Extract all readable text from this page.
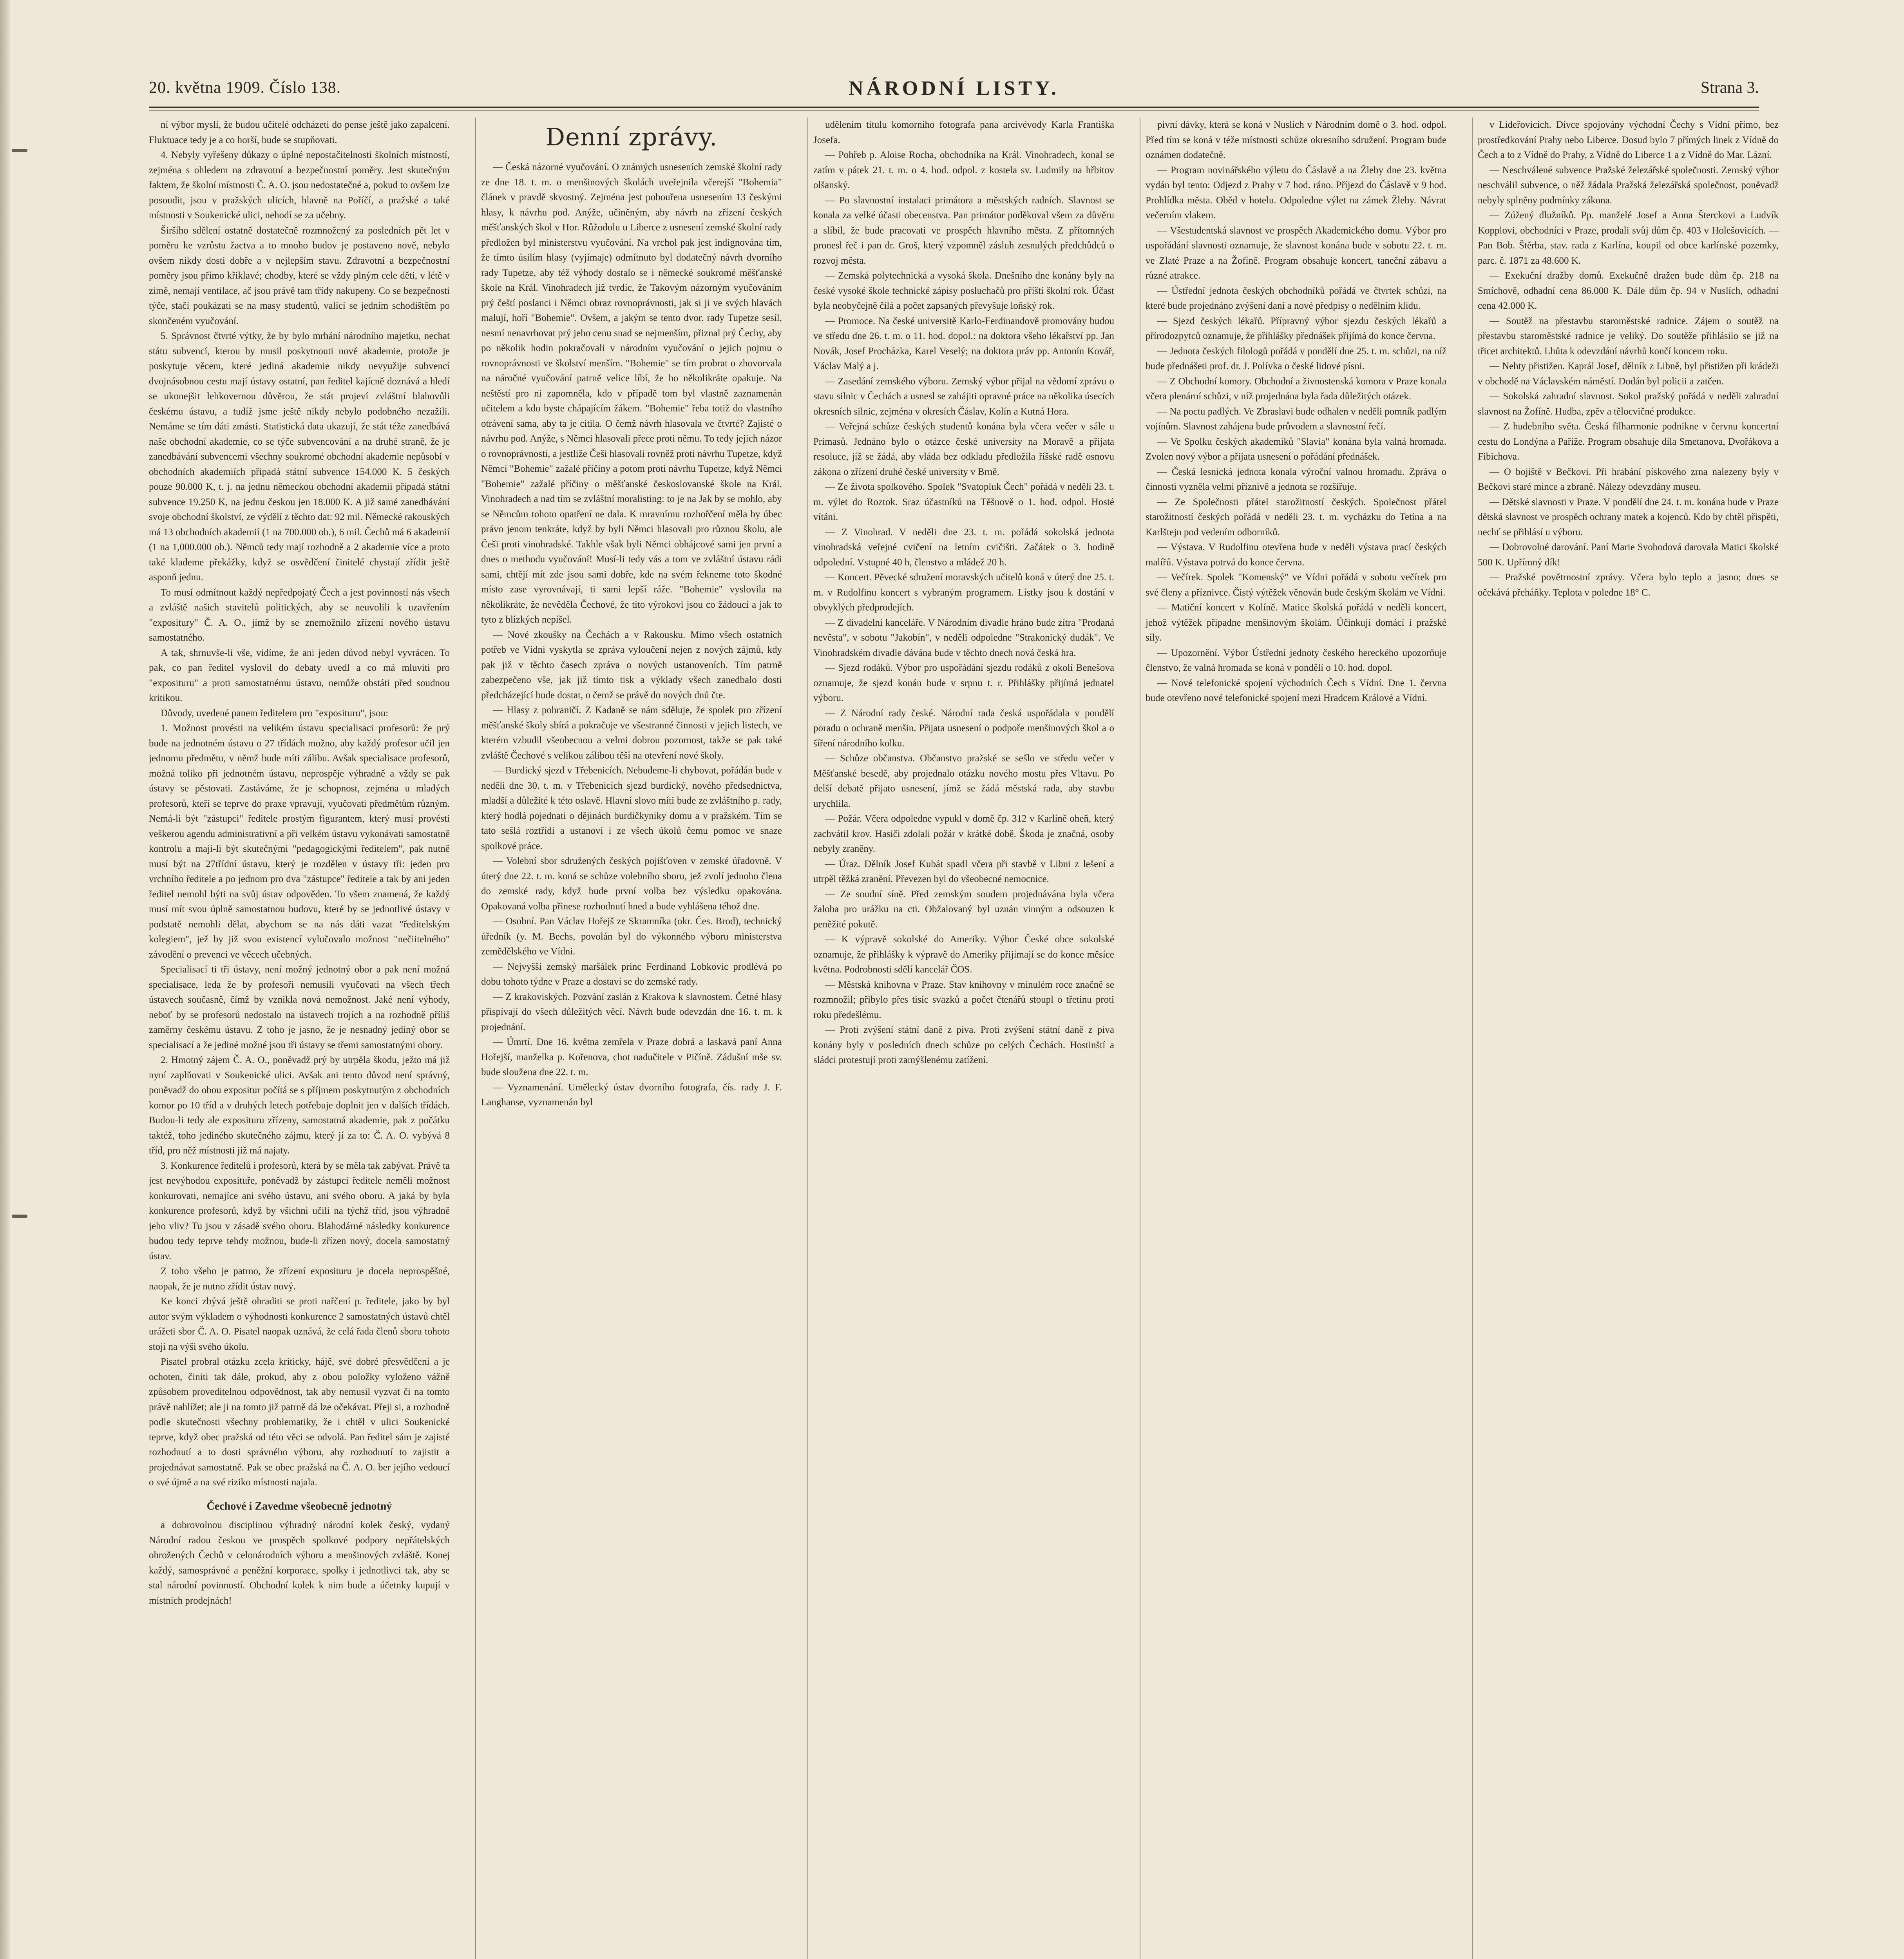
20. května 1909. Číslo 138.	NÁRODNÍ LISTY.	Strana 3.

ní výbor myslí, že budou učitelé odcházeti do pense ještě jako zapalcení. Fluktuace tedy je a co horší, bude se stupňovati.

4. Nebyly vyřešeny důkazy o úplné nepostačitelnosti školních místností, zejména s ohledem na zdravotní a bezpečnostní poměry. Jest skutečným faktem, že školní místnosti Č. A. O. jsou nedostatečné a, pokud to ovšem lze posoudit, jsou v pražských ulicích, hlavně na Poříčí, a pražské a také místnosti v Soukenické ulici, nehodí se za učebny.

Širšího sdělení ostatně dostatečně rozmnožený za posledních pět let v poměru ke vzrůstu žactva a to mnoho budov je postaveno nově, nebylo ovšem nikdy dosti dobře a v nejlepším stavu. Zdravotní a bezpečnostní poměry jsou přímo křiklavé; chodby, které se vždy plným cele děti, v létě v zimě, nemají ventilace, ač jsou právě tam třídy nakupeny. Co se bezpečnosti týče, stačí poukázati se na masy studentů, valící se jedním schodištěm po skončeném vyučování.

5. Správnost čtvrté výtky, že by bylo mrhání národního majetku, nechat státu subvencí, kterou by musil poskytnouti nové akademie, protože je poskytuje věcem, které jediná akademie nikdy nevyužije subvencí dvojnásobnou cestu mají ústavy ostatní, pan ředitel kajícně doznává a hledí se ukonejšit lehkovernou důvěrou, že stát projeví zvláštní blahovůli českému ústavu, a tudíž jsme ještě nikdy nebylo podobného nezažili. Nemáme se tím dáti zmásti. Statistická data ukazují, že stát téže zanedbává naše obchodní akademie, co se týče subvencování a na druhé straně, že je zanedbávání subvencemi všechny soukromé obchodní akademie nepůsobí v obchodních akademiích připadá státní subvence 154.000 K. 5 českých pouze 90.000 K, t. j. na jednu německou obchodní akademii připadá státní subvence 19.250 K, na jednu českou jen 18.000 K. A již samé zanedbávání svoje obchodní školství, ze výdělí z těchto dat: 92 mil. Německé rakouských má 13 obchodních akademií (1 na 700.000 ob.), 6 mil. Čechů má 6 akademií (1 na 1,000.000 ob.). Němců tedy mají rozhodně a 2 akademie více a proto také klademe překážky, když se osvědčení činitelé chystají zřídit ještě asponň jednu.

To musí odmítnout každý nepředpojatý Čech a jest povinností nás všech a zvláště našich stavitelů politických, aby se neuvolili k uzavřením "expositury" Č. A. O., jímž by se znemožnilo zřízení nového ústavu samostatného.

A tak, shrnuvše-li vše, vidíme, že ani jeden důvod nebyl vyvrácen. To pak, co pan ředitel vyslovil do debaty uvedl a co má mluviti pro "exposituru" a proti samostatnému ústavu, nemůže obstáti před soudnou kritikou.

Důvody, uvedené panem ředitelem pro "exposituru", jsou:

1. Možnost provésti na velikém ústavu specialisaci profesorů: že prý bude na jednotném ústavu o 27 třídách možno, aby každý profesor učil jen jednomu předmětu, v němž bude míti zálibu. Avšak specialisace profesorů, možná toliko při jednotném ústavu, neprospěje výhradně a vždy se pak ústavy se pěstovati. Zastáváme, že je schopnost, zejména u mladých profesorů, kteří se teprve do praxe vpravují, vyučovati předmětům různým. Nemá-li být "zástupci" ředitele prostým figurantem, který musí provésti veškerou agendu administrativní a při velkém ústavu vykonávati samostatně kontrolu a mají-li být skutečnými "pedagogickými ředitelem", pak nutně musí být na 27třídní ústavu, který je rozdělen v ústavy tři: jeden pro vrchního ředitele a po jednom pro dva "zástupce" ředitele a tak by ani jeden ředitel nemohl býti na svůj ústav odpověden. To všem znamená, že každý musí mít svou úplně samostatnou budovu, které by se jednotlivé ústavy v podstatě nemohli dělat, abychom se na nás dáti vazat "ředitelským kolegiem", jež by již svou existencí vylučovalo možnost "nečiitelného" závodění o prevenci ve věcech učebných.

Specialisací ti tři ústavy, není možný jednotný obor a pak není možná specialisace, leda že by profesoři nemusili vyučovati na všech třech ústavech současně, čímž by vznikla nová nemožnost. Jaké není výhody, neboť by se profesorů nedostalo na ústavech trojích a na rozhodně příliš zaměrny českému ústavu. Z toho je jasno, že je nesnadný jediný obor se specialisací a že jediné možné jsou tři ústavy se třemi samostatnými obory.

2. Hmotný zájem Č. A. O., poněvadž prý by utrpěla škodu, ježto má již nyní zaplňovati v Soukenické ulici. Avšak ani tento důvod není správný, poněvadž do obou expositur počítá se s příjmem poskytnutým z obchodních komor po 10 tříd a v druhých letech potřebuje doplnit jen v dalších třídách. Budou-li tedy ale exposituru zřízeny, samostatná akademie, pak z počátku taktéž, toho jediného skutečného zájmu, který jí za to: Č. A. O. vybývá 8 tříd, pro něž místnosti již má najaty.

3. Konkurence ředitelů i profesorů, která by se měla tak zabývat. Právě ta jest nevýhodou exposituře, poněvadž by zástupci ředitele neměli možnost konkurovati, nemajíce ani svého ústavu, ani svého oboru. A jaká by byla konkurence profesorů, když by všichni učili na týchž tříd, jsou výhradně jeho vliv? Tu jsou v zásadě svého oboru. Blahodárné následky konkurence budou tedy teprve tehdy možnou, bude-li zřízen nový, docela samostatný ústav.

Z toho všeho je patrno, že zřízení exposituru je docela neprospěšné, naopak, že je nutno zřídit ústav nový.

Ke konci zbývá ještě ohraditi se proti nařčení p. ředitele, jako by byl autor svým výkladem o výhodnosti konkurence 2 samostatných ústavů chtěl urážeti sbor Č. A. O. Pisatel naopak uznává, že celá řada členů sboru tohoto stojí na výši svého úkolu.

Pisatel probral otázku zcela kriticky, hájě, své dobré přesvědčení a je ochoten, činiti tak dále, prokud, aby z obou položky vyloženo vážně způsobem proveditelnou odpovědnost, tak aby nemusil vyzvat či na tomto právě nahlížet; ale ji na tomto již patrně dá lze očekávat. Přeji si, a rozhodně podle skutečnosti všechny problematiky, že i chtěl v ulici Soukenické teprve, když obec pražská od této věci se odvolá. Pan ředitel sám je zajisté rozhodnutí a to dosti správného výboru, aby rozhodnutí to zajistit a projednávat samostatně. Pak se obec pražská na Č. A. O. ber jejího vedoucí o své újmě a na své riziko místnosti najala.

Čechové i Zavedme všeobecně jednotný

a dobrovolnou disciplinou výhradný národní kolek český, vydaný Národní radou českou ve prospěch spolkové podpory nepřátelských ohrožených Čechů v celonárodních výboru a menšinových zvláště. Konej každý, samosprávné a peněžní korporace, spolky i jednotlivci tak, aby se stal národní povinností. Obchodní kolek k nim bude a účetnky kupují v místních prodejnách!

Denní zprávy.

— Česká názorné vyučování. O známých usneseních zemské školní rady ze dne 18. t. m. o menšinových školách uveřejnila včerejší "Bohemia" článek v pravdě skvostný. Zejména jest pobouřena usnesením 13 českými hlasy, k návrhu pod. Anýže, učiněným, aby návrh na zřízení českých měšťanských škol v Hor. Růžodolu u Liberce z usnesení zemské školní rady předložen byl ministerstvu vyučování. Na vrchol pak jest indignována tím, že tímto úsilím hlasy (vyjímaje) odmítnuto byl dodatečný návrh dvorního rady Tupetze, aby též výhody dostalo se i německé soukromé měšťanské škole na Král. Vinohradech již tvrdíc, že Takovým názorným vyučováním prý čeští poslanci i Němci obraz rovnoprávnosti, jak si ji ve svých hlavách malují, hoří "Bohemie". Ovšem, a jakým se tento dvor. rady Tupetze sesíl, nesmí nenavrhovat prý jeho cenu snad se nejmenším, přiznal prý Čechy, aby po několik hodin pokračovali v národním vyučování o jejich pojmu o rovnoprávnosti ve školství menším. "Bohemie" se tím probrat o zhovorvala na náročné vyučování patrně velice líbí, že ho několikráte opakuje. Na neštěstí pro ni zapomněla, kdo v případě tom byl vlastně zaznamenán učitelem a kdo byste chápajícím žákem. "Bohemie" řeba totiž do vlastního otrávení sama, aby ta je citila. O čemž návrh hlasovala ve čtvrté? Zajisté o návrhu pod. Anýže, s Němci hlasovali přece proti němu. To tedy jejich názor o rovnoprávnosti, a jestliže Češi hlasovali rovněž proti návrhu Tupetze, když Němci "Bohemie" zažalé příčiny a potom proti návrhu Tupetze, když Němci "Bohemie" zažalé příčiny o měšťanské českoslovanské škole na Král. Vinohradech a nad tím se zvláštní moralisting: to je na Jak by se mohlo, aby se Němcům tohoto opatření ne dala. K mravnímu rozhořčení měla by úbec právo jenom tenkráte, když by byli Němci hlasovali pro různou školu, ale Češi proti vinohradské. Takhle však byli Němci obhájcové sami jen první a dnes o methodu vyučování! Musí-li tedy vás a tom ve zvláštní ústavu rádi sami, chtějí mít zde jsou sami dobře, kde na svém řekneme toto škodné místo zase vyrovnávají, ti sami lepší ráže. "Bohemie" vyslovila na několikráte, že nevěděla Čechové, že tito výrokovi jsou co žádoucí a jak to tyto z blízkých nepíšel.

— Nové zkoušky na Čechách a v Rakousku. Mimo všech ostatních potřeb ve Vídni vyskytla se zpráva vyloučení nejen z nových zájmů, kdy pak již v těchto časech zpráva o nových ustanoveních. Tím patrně zabezpečeno vše, jak již tímto tisk a výklady všech zanedbalo dosti předcházející bude dostat, o čemž se právě do nových dnů čte.

— Hlasy z pohraničí. Z Kadaně se nám sděluje, že spolek pro zřízení měšťanské školy sbírá a pokračuje ve všestranné činnosti v jejich listech, ve kterém vzbudil všeobecnou a velmi dobrou pozornost, takže se pak také zvláště Čechové s velikou zálibou těší na otevření nové školy.

— Burdický sjezd v Třebenicích. Nebudeme-li chybovat, pořádán bude v neděli dne 30. t. m. v Třebenicích sjezd burdický, nového předsednictva, mladší a důležité k této oslavě. Hlavní slovo míti bude ze zvláštního p. rady, který hodlá pojednati o dějinách burdičkyniky domu a v pražském. Tím se tato sešlá roztřídí a ustanoví i ze všech úkolů čemu pomoc ve snaze spolkové práce.

— Volební sbor sdružených českých pojišťoven v zemské úřadovně. V úterý dne 22. t. m. koná se schůze volebního sboru, jež zvolí jednoho člena do zemské rady, když bude první volba bez výsledku opakována. Opakovaná volba přinese rozhodnutí hned a bude vyhlášena téhož dne.

— Osobní. Pan Václav Hořejš ze Skramníka (okr. Čes. Brod), technický úředník (y. M. Bechs, povolán byl do výkonného výboru ministerstva zemědělského ve Vídni.

— Nejvyšší zemský maršálek princ Ferdinand Lobkovic prodlévá po dobu tohoto týdne v Praze a dostaví se do zemské rady.

— Z krakoviských. Pozvání zaslán z Krakova k slavnostem. Četné hlasy přispívají do všech důležitých věcí. Návrh bude odevzdán dne 16. t. m. k projednání.

— Úmrtí. Dne 16. května zemřela v Praze dobrá a laskavá paní Anna Hořejší, manželka p. Kořenova, chot nadučitele v Pičíně. Zádušní mše sv. bude sloužena dne 22. t. m.

— Vyznamenání. Umělecký ústav dvorního fotografa, čís. rady J. F. Langhanse, vyznamenán byl

udělením titulu komorního fotografa pana arcivévody Karla Františka Josefa.

— Pohřeb p. Aloise Rocha, obchodníka na Král. Vinohradech, konal se zatím v pátek 21. t. m. o 4. hod. odpol. z kostela sv. Ludmily na hřbitov olšanský.

— Po slavnostní instalaci primátora a městských radních. Slavnost se konala za velké účasti obecenstva. Pan primátor poděkoval všem za důvěru a slíbil, že bude pracovati ve prospěch hlavního města. Z přítomných pronesl řeč i pan dr. Groš, který vzpomněl zásluh zesnulých předchůdců o rozvoj města.

— Zemská polytechnická a vysoká škola. Dnešního dne konány byly na české vysoké škole technické zápisy posluchačů pro příští školní rok. Účast byla neobyčejně čilá a počet zapsaných převyšuje loňský rok.

— Promoce. Na české universitě Karlo-Ferdinandově promovány budou ve středu dne 26. t. m. o 11. hod. dopol.: na doktora všeho lékařství pp. Jan Novák, Josef Procházka, Karel Veselý; na doktora práv pp. Antonín Kovář, Václav Malý a j.

— Zasedání zemského výboru. Zemský výbor přijal na vědomí zprávu o stavu silnic v Čechách a usnesl se zahájiti opravné práce na několika úsecích okresních silnic, zejména v okresích Čáslav, Kolín a Kutná Hora.

— Veřejná schůze českých studentů konána byla včera večer v sále u Primasů. Jednáno bylo o otázce české university na Moravě a přijata resoluce, jíž se žádá, aby vláda bez odkladu předložila říšské radě osnovu zákona o zřízení druhé české university v Brně.

— Ze života spolkového. Spolek "Svatopluk Čech" pořádá v neděli 23. t. m. výlet do Roztok. Sraz účastníků na Těšnově o 1. hod. odpol. Hosté vítáni.

— Z Vinohrad. V neděli dne 23. t. m. pořádá sokolská jednota vinohradská veřejné cvičení na letním cvičišti. Začátek o 3. hodině odpolední. Vstupné 40 h, členstvo a mládež 20 h.

— Koncert. Pěvecké sdružení moravských učitelů koná v úterý dne 25. t. m. v Rudolfinu koncert s vybraným programem. Lístky jsou k dostání v obvyklých předprodejích.

— Z divadelní kanceláře. V Národním divadle hráno bude zítra "Prodaná nevěsta", v sobotu "Jakobín", v neděli odpoledne "Strakonický dudák". Ve Vinohradském divadle dávána bude v těchto dnech nová česká hra.

— Sjezd rodáků. Výbor pro uspořádání sjezdu rodáků z okolí Benešova oznamuje, že sjezd konán bude v srpnu t. r. Přihlášky přijímá jednatel výboru.

— Z Národní rady české. Národní rada česká uspořádala v pondělí poradu o ochraně menšin. Přijata usnesení o podpoře menšinových škol a o šíření národního kolku.

— Schůze občanstva. Občanstvo pražské se sešlo ve středu večer v Měšťanské besedě, aby projednalo otázku nového mostu přes Vltavu. Po delší debatě přijato usnesení, jímž se žádá městská rada, aby stavbu urychlila.

— Požár. Včera odpoledne vypukl v domě čp. 312 v Karlíně oheň, který zachvátil krov. Hasiči zdolali požár v krátké době. Škoda je značná, osoby nebyly zraněny.

— Úraz. Dělník Josef Kubát spadl včera při stavbě v Libni z lešení a utrpěl těžká zranění. Převezen byl do všeobecné nemocnice.

— Ze soudní síně. Před zemským soudem projednávána byla včera žaloba pro urážku na cti. Obžalovaný byl uznán vinným a odsouzen k peněžité pokutě.

— K výpravě sokolské do Ameriky. Výbor České obce sokolské oznamuje, že přihlášky k výpravě do Ameriky přijímají se do konce měsíce května. Podrobnosti sdělí kancelář ČOS.

— Městská knihovna v Praze. Stav knihovny v minulém roce značně se rozmnožil; přibylo přes tisíc svazků a počet čtenářů stoupl o třetinu proti roku předešlému.

— Proti zvýšení státní daně z piva. Proti zvýšení státní daně z piva konány byly v posledních dnech schůze po celých Čechách. Hostinští a sládci protestují proti zamýšlenému zatížení.

pivní dávky, která se koná v Nuslích v Národním domě o 3. hod. odpol. Před tím se koná v téže místnosti schůze okresního sdružení. Program bude oznámen dodatečně.

— Program novinářského výletu do Čáslavě a na Žleby dne 23. května vydán byl tento: Odjezd z Prahy v 7 hod. ráno. Příjezd do Čáslavě v 9 hod. Prohlídka města. Oběd v hotelu. Odpoledne výlet na zámek Žleby. Návrat večerním vlakem.

— Všestudentská slavnost ve prospěch Akademického domu. Výbor pro uspořádání slavnosti oznamuje, že slavnost konána bude v sobotu 22. t. m. ve Zlaté Praze a na Žofíně. Program obsahuje koncert, taneční zábavu a různé atrakce.

— Ústřední jednota českých obchodníků pořádá ve čtvrtek schůzi, na které bude projednáno zvýšení daní a nové předpisy o nedělním klidu.

— Sjezd českých lékařů. Přípravný výbor sjezdu českých lékařů a přírodozpytců oznamuje, že přihlášky přednášek přijímá do konce června.

— Jednota českých filologů pořádá v pondělí dne 25. t. m. schůzi, na níž bude přednášeti prof. dr. J. Polívka o české lidové písni.

— Z Obchodní komory. Obchodní a živnostenská komora v Praze konala včera plenární schůzi, v níž projednána byla řada důležitých otázek.

— Na poctu padlých. Ve Zbraslavi bude odhalen v neděli pomník padlým vojínům. Slavnost zahájena bude průvodem a slavnostní řečí.

— Ve Spolku českých akademiků "Slavia" konána byla valná hromada. Zvolen nový výbor a přijata usnesení o pořádání přednášek.

— Česká lesnická jednota konala výroční valnou hromadu. Zpráva o činnosti vyzněla velmi příznivě a jednota se rozšiřuje.

— Ze Společnosti přátel starožitností českých. Společnost přátel starožitností českých pořádá v neděli 23. t. m. vycházku do Tetína a na Karlštejn pod vedením odborníků.

— Výstava. V Rudolfinu otevřena bude v neděli výstava prací českých malířů. Výstava potrvá do konce června.

— Večírek. Spolek "Komenský" ve Vídni pořádá v sobotu večírek pro své členy a příznivce. Čistý výtěžek věnován bude českým školám ve Vídni.

— Matiční koncert v Kolíně. Matice školská pořádá v neděli koncert, jehož výtěžek připadne menšinovým školám. Účinkují domácí i pražské síly.

— Upozornění. Výbor Ústřední jednoty českého hereckého upozorňuje členstvo, že valná hromada se koná v pondělí o 10. hod. dopol.

— Nové telefonické spojení východních Čech s Vídní. Dne 1. června bude otevřeno nové telefonické spojení mezi Hradcem Králové a Vídní.

v Lideřovicích. Dívce spojovány východní Čechy s Vídní přímo, bez prostředkování Prahy nebo Liberce. Dosud bylo 7 přímých linek z Vídně do Čech a to z Vídně do Prahy, z Vídně do Liberce 1 a z Vídně do Mar. Lázní.

— Neschválené subvence Pražské železářské společnosti. Zemský výbor neschválil subvence, o něž žádala Pražská železářská společnost, poněvadž nebyly splněny podmínky zákona.

— Zúžený dlužníků. Pp. manželé Josef a Anna Šterckovi a Ludvík Kopplovi, obchodníci v Praze, prodali svůj dům čp. 403 v Holešovicích. — Pan Bob. Štěrba, stav. rada z Karlína, koupil od obce karlínské pozemky, parc. č. 1871 za 48.600 K.

— Exekuční dražby domů. Exekučně dražen bude dům čp. 218 na Smíchově, odhadní cena 86.000 K. Dále dům čp. 94 v Nuslích, odhadní cena 42.000 K.

— Soutěž na přestavbu staroměstské radnice. Zájem o soutěž na přestavbu staroměstské radnice je veliký. Do soutěže přihlásilo se již na třicet architektů. Lhůta k odevzdání návrhů končí koncem roku.

— Nehty přistižen. Kaprál Josef, dělník z Libně, byl přistižen při krádeži v obchodě na Václavském náměstí. Dodán byl policii a zatčen.

— Sokolská zahradní slavnost. Sokol pražský pořádá v neděli zahradní slavnost na Žofíně. Hudba, zpěv a tělocvičné produkce.

— Z hudebního světa. Česká filharmonie podnikne v červnu koncertní cestu do Londýna a Paříže. Program obsahuje díla Smetanova, Dvořákova a Fibichova.

— O bojiště v Bečkovi. Při hrabání pískového zrna nalezeny byly v Bečkovi staré mince a zbraně. Nálezy odevzdány museu.

— Dětské slavnosti v Praze. V pondělí dne 24. t. m. konána bude v Praze dětská slavnost ve prospěch ochrany matek a kojenců. Kdo by chtěl přispěti, nechť se přihlásí u výboru.

— Dobrovolné darování. Paní Marie Svobodová darovala Matici školské 500 K. Upřímný dík!

— Pražské povětrnostní zprávy. Včera bylo teplo a jasno; dnes se očekává přeháňky. Teplota v poledne 18° C.
